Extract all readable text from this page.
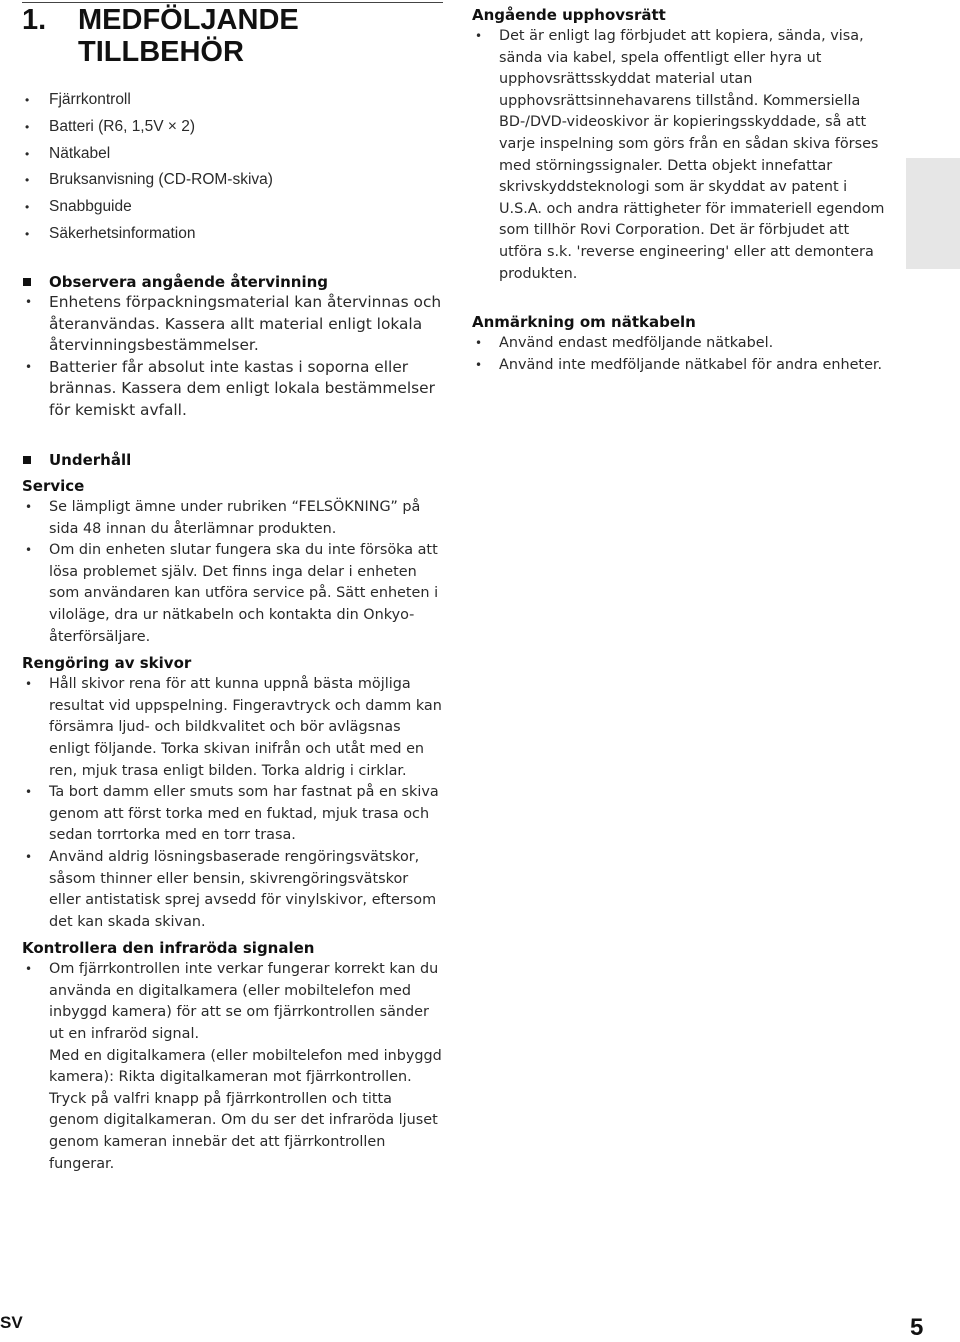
1. MEDFÖLJANDE
TILLBEHÖR
• Fjärrkontroll
• Batteri (R6, 1,5V × 2)
• Nätkabel
• Bruksanvisning (CD-ROM-skiva)
• Snabbguide
• Säkerhetsinformation
Observera angående återvinning
• Enhetens förpackningsmaterial kan återvinnas och återanvändas. Kassera allt material enligt lokala återvinningsbestämmelser.
• Batterier får absolut inte kastas i soporna eller brännas. Kassera dem enligt lokala bestämmelser för kemiskt avfall.
Angående upphovsrätt
• Det är enligt lag förbjudet att kopiera, sända, visa, sända via kabel, spela offentligt eller hyra ut upphovsrättsskyddat material utan upphovsrättsinnehavarens tillstånd. Kommersiella BD-/DVD-videoskivor är kopieringsskyddade, så att varje inspelning som görs från en sådan skiva förses med störningssignaler. Detta objekt innefattar skrivskyddsteknologi som är skyddat av patent i U.S.A. och andra rättigheter för immateriell egendom som tillhör Rovi Corporation. Det är förbjudet att utföra s.k. 'reverse engineering' eller att demontera produkten.
Anmärkning om nätkabeln
• Använd endast medföljande nätkabel.
• Använd inte medföljande nätkabel för andra enheter.
Underhåll
Service
• Se lämpligt ämne under rubriken “FELSÖKNING” på sida 48 innan du återlämnar produkten.
• Om din enheten slutar fungera ska du inte försöka att lösa problemet själv. Det finns inga delar i enheten som användaren kan utföra service på. Sätt enheten i viloläge, dra ur nätkabeln och kontakta din Onkyo-återförsäljare.
Rengöring av skivor
• Håll skivor rena för att kunna uppnå bästa möjliga resultat vid uppspelning. Fingeravtryck och damm kan försämra ljud- och bildkvalitet och bör avlägsnas enligt följande. Torka skivan inifrån och utåt med en ren, mjuk trasa enligt bilden. Torka aldrig i cirklar.
• Ta bort damm eller smuts som har fastnat på en skiva genom att först torka med en fuktad, mjuk trasa och sedan torrtorka med en torr trasa.
• Använd aldrig lösningsbaserade rengöringsvätskor, såsom thinner eller bensin, skivrengöringsvätskor eller antistatisk sprej avsedd för vinylskivor, eftersom det kan skada skivan.
Kontrollera den infraröda signalen
• Om fjärrkontrollen inte verkar fungerar korrekt kan du använda en digitalkamera (eller mobiltelefon med inbyggd kamera) för att se om fjärrkontrollen sänder ut en infraröd signal.
Med en digitalkamera (eller mobiltelefon med inbyggd kamera): Rikta digitalkameran mot fjärrkontrollen. Tryck på valfri knapp på fjärrkontrollen och titta genom digitalkameran. Om du ser det infraröda ljuset genom kameran innebär det att fjärrkontrollen fungerar.
SV	5
